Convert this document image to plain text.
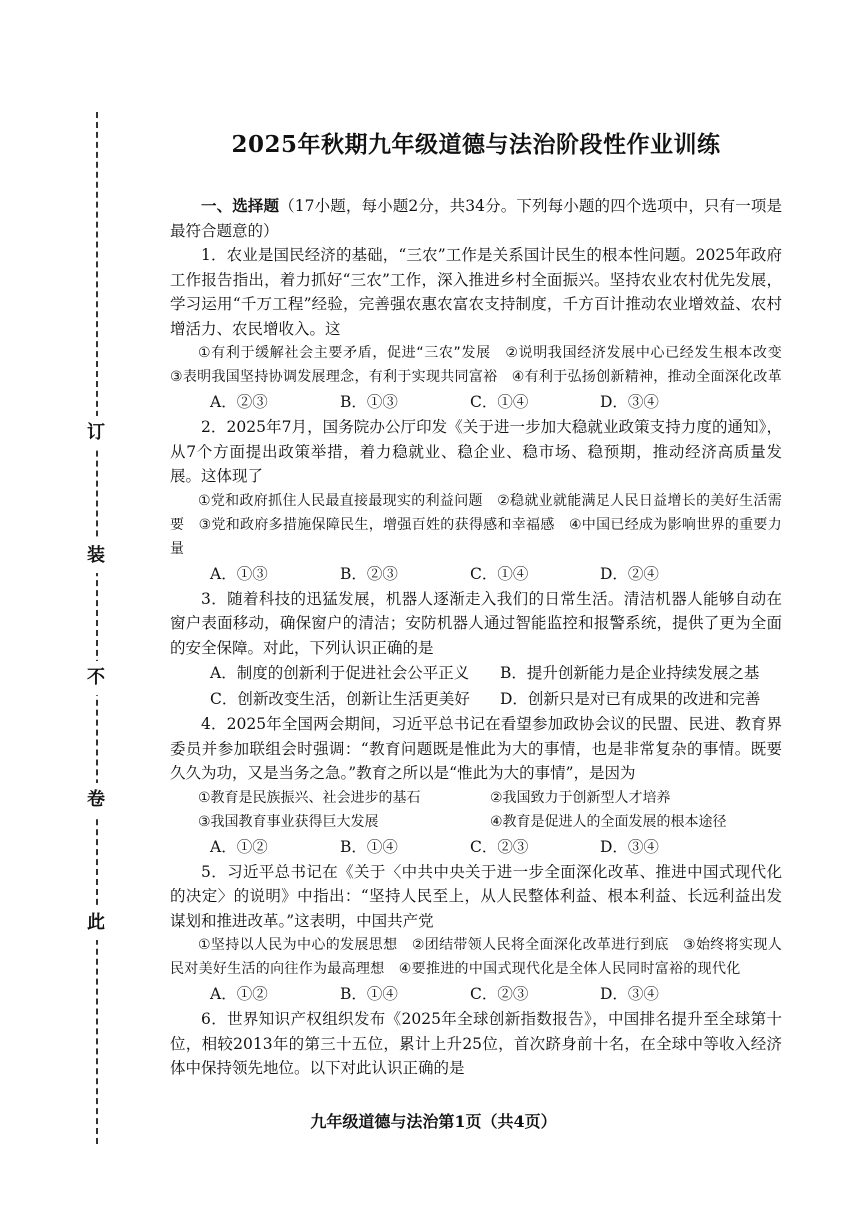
订
装
不
卷
此
2025年秋期九年级道德与法治阶段性作业训练

一、选择题（17小题，每小题2分，共34分。下列每小题的四个选项中，只有一项是最符合题意的）

1．农业是国民经济的基础，“三农”工作是关系国计民生的根本性问题。2025年政府工作报告指出，着力抓好“三农”工作，深入推进乡村全面振兴。坚持农业农村优先发展，学习运用“千万工程”经验，完善强农惠农富农支持制度，千方百计推动农业增效益、农村增活力、农民增收入。这

①有利于缓解社会主要矛盾，促进“三农”发展　②说明我国经济发展中心已经发生根本改变　③表明我国坚持协调发展理念，有利于实现共同富裕　④有利于弘扬创新精神，推动全面深化改革

A．②③	B．①③	C．①④	D．③④

2．2025年7月，国务院办公厅印发《关于进一步加大稳就业政策支持力度的通知》，从7个方面提出政策举措，着力稳就业、稳企业、稳市场、稳预期，推动经济高质量发展。这体现了

①党和政府抓住人民最直接最现实的利益问题　②稳就业就能满足人民日益增长的美好生活需要　③党和政府多措施保障民生，增强百姓的获得感和幸福感　④中国已经成为影响世界的重要力量

A．①③	B．②③	C．①④	D．②④

3．随着科技的迅猛发展，机器人逐渐走入我们的日常生活。清洁机器人能够自动在窗户表面移动，确保窗户的清洁；安防机器人通过智能监控和报警系统，提供了更为全面的安全保障。对此，下列认识正确的是

A．制度的创新利于促进社会公平正义	B．提升创新能力是企业持续发展之基
C．创新改变生活，创新让生活更美好	D．创新只是对已有成果的改进和完善

4．2025年全国两会期间，习近平总书记在看望参加政协会议的民盟、民进、教育界委员并参加联组会时强调：“教育问题既是惟此为大的事情，也是非常复杂的事情。既要久久为功，又是当务之急。”教育之所以是“惟此为大的事情”，是因为

①教育是民族振兴、社会进步的基石	②我国致力于创新型人才培养
③我国教育事业获得巨大发展	④教育是促进人的全面发展的根本途径
A．①②	B．①④	C．②③	D．③④

5．习近平总书记在《关于〈中共中央关于进一步全面深化改革、推进中国式现代化的决定〉的说明》中指出：“坚持人民至上，从人民整体利益、根本利益、长远利益出发谋划和推进改革。”这表明，中国共产党

①坚持以人民为中心的发展思想　②团结带领人民将全面深化改革进行到底　③始终将实现人民对美好生活的向往作为最高理想　④要推进的中国式现代化是全体人民同时富裕的现代化

A．①②	B．①④	C．②③	D．③④

6．世界知识产权组织发布《2025年全球创新指数报告》，中国排名提升至全球第十位，相较2013年的第三十五位，累计上升25位，首次跻身前十名，在全球中等收入经济体中保持领先地位。以下对此认识正确的是

九年级道德与法治第1页（共4页）
